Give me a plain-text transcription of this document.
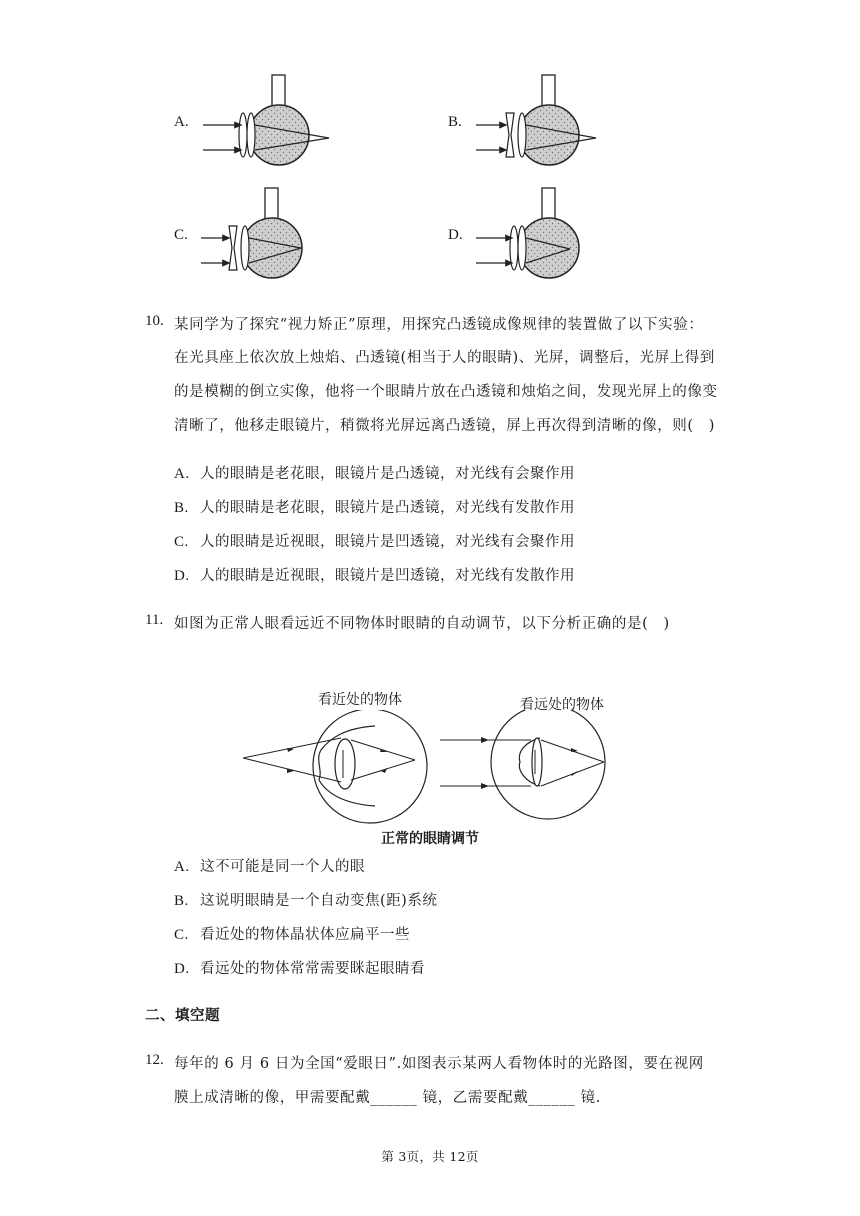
A.	B.
C.	D.
10. 某同学为了探究“视力矫正”原理，用探究凸透镜成像规律的装置做了以下实验：
在光具座上依次放上烛焰、凸透镜(相当于人的眼睛)、光屏，调整后，光屏上得到
的是模糊的倒立实像，他将一个眼睛片放在凸透镜和烛焰之间，发现光屏上的像变
清晰了，他移走眼镜片，稍微将光屏远离凸透镜，屏上再次得到清晰的像，则(　)
A. 人的眼睛是老花眼，眼镜片是凸透镜，对光线有会聚作用
B. 人的眼睛是老花眼，眼镜片是凸透镜，对光线有发散作用
C. 人的眼睛是近视眼，眼镜片是凹透镜，对光线有会聚作用
D. 人的眼睛是近视眼，眼镜片是凹透镜，对光线有发散作用
11. 如图为正常人眼看远近不同物体时眼睛的自动调节，以下分析正确的是(　)
看近处的物体	看远处的物体
正常的眼睛调节
A. 这不可能是同一个人的眼
B. 这说明眼睛是一个自动变焦(距)系统
C. 看近处的物体晶状体应扁平一些
D. 看远处的物体常常需要眯起眼睛看
二、填空题
12. 每年的 6 月 6 日为全国“爱眼日”.如图表示某两人看物体时的光路图，要在视网
膜上成清晰的像，甲需要配戴______ 镜，乙需要配戴______ 镜.
第 3页，共 12页
